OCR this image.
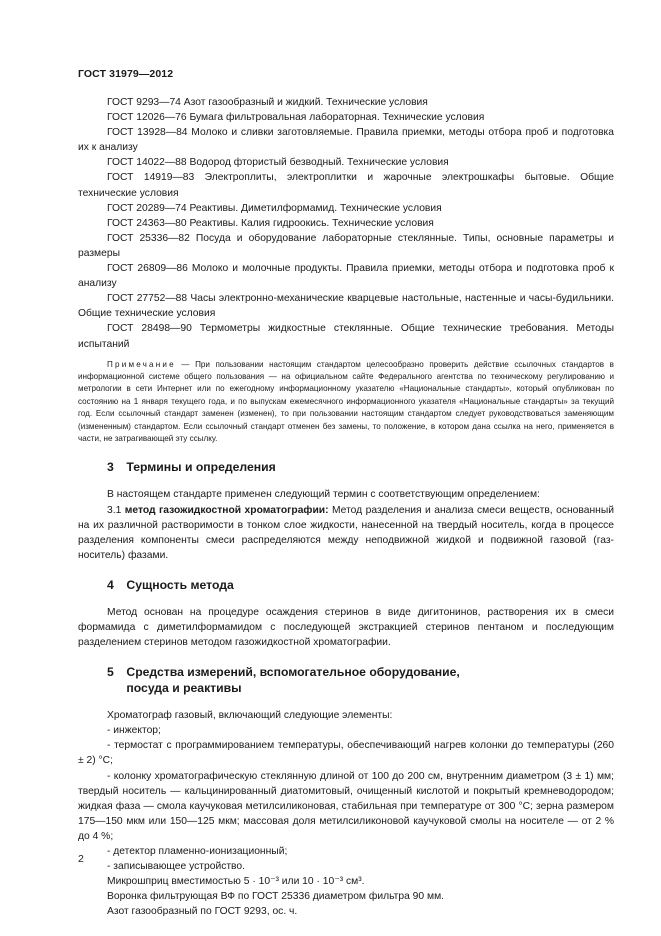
ГОСТ 31979—2012

ГОСТ 9293—74 Азот газообразный и жидкий. Технические условия

ГОСТ 12026—76 Бумага фильтровальная лабораторная. Технические условия

ГОСТ 13928—84 Молоко и сливки заготовляемые. Правила приемки, методы отбора проб и подготовка их к анализу

ГОСТ 14022—88 Водород фтористый безводный. Технические условия

ГОСТ 14919—83 Электроплиты, электроплитки и жарочные электрошкафы бытовые. Общие технические условия

ГОСТ 20289—74 Реактивы. Диметилформамид. Технические условия

ГОСТ 24363—80 Реактивы. Калия гидроокись. Технические условия

ГОСТ 25336—82 Посуда и оборудование лабораторные стеклянные. Типы, основные параметры и размеры

ГОСТ 26809—86 Молоко и молочные продукты. Правила приемки, методы отбора и подготовка проб к анализу

ГОСТ 27752—88 Часы электронно-механические кварцевые настольные, настенные и часы-будильники. Общие технические условия

ГОСТ 28498—90 Термометры жидкостные стеклянные. Общие технические требования. Методы испытаний

Примечание — При пользовании настоящим стандартом целесообразно проверить действие ссылочных стандартов в информационной системе общего пользования — на официальном сайте Федерального агентства по техническому регулированию и метрологии в сети Интернет или по ежегодному информационному указателю «Национальные стандарты», который опубликован по состоянию на 1 января текущего года, и по выпускам ежемесячного информационного указателя «Национальные стандарты» за текущий год. Если ссылочный стандарт заменен (изменен), то при пользовании настоящим стандартом следует руководствоваться заменяющим (измененным) стандартом. Если ссылочный стандарт отменен без замены, то положение, в котором дана ссылка на него, применяется в части, не затрагивающей эту ссылку.

3 Термины и определения

В настоящем стандарте применен следующий термин с соответствующим определением:

3.1 метод газожидкостной хроматографии: Метод разделения и анализа смеси веществ, основанный на их различной растворимости в тонком слое жидкости, нанесенной на твердый носитель, когда в процессе разделения компоненты смеси распределяются между неподвижной жидкой и подвижной газовой (газ-носитель) фазами.

4 Сущность метода

Метод основан на процедуре осаждения стеринов в виде дигитонинов, растворения их в смеси формамида с диметилформамидом с последующей экстракцией стеринов пентаном и последующим разделением стеринов методом газожидкостной хроматографии.

5 Средства измерений, вспомогательное оборудование,
посуда и реактивы

Хроматограф газовый, включающий следующие элементы:

- инжектор;

- термостат с программированием температуры, обеспечивающий нагрев колонки до температуры (260 ± 2) °С;

- колонку хроматографическую стеклянную длиной от 100 до 200 см, внутренним диаметром (3 ± 1) мм; твердый носитель — кальцинированный диатомитовый, очищенный кислотой и покрытый кремневодородом; жидкая фаза — смола каучуковая метилсиликоновая, стабильная при температуре от 300 °С; зерна размером 175—150 мкм или 150—125 мкм; массовая доля метилсиликоновой каучуковой смолы на носителе — от 2 % до 4 %;

- детектор пламенно-ионизационный;

- записывающее устройство.

Микрошприц вместимостью 5 · 10⁻³ или 10 · 10⁻³ см³.

Воронка фильтрующая ВФ по ГОСТ 25336 диаметром фильтра 90 мм.

Азот газообразный по ГОСТ 9293, ос. ч.

2
